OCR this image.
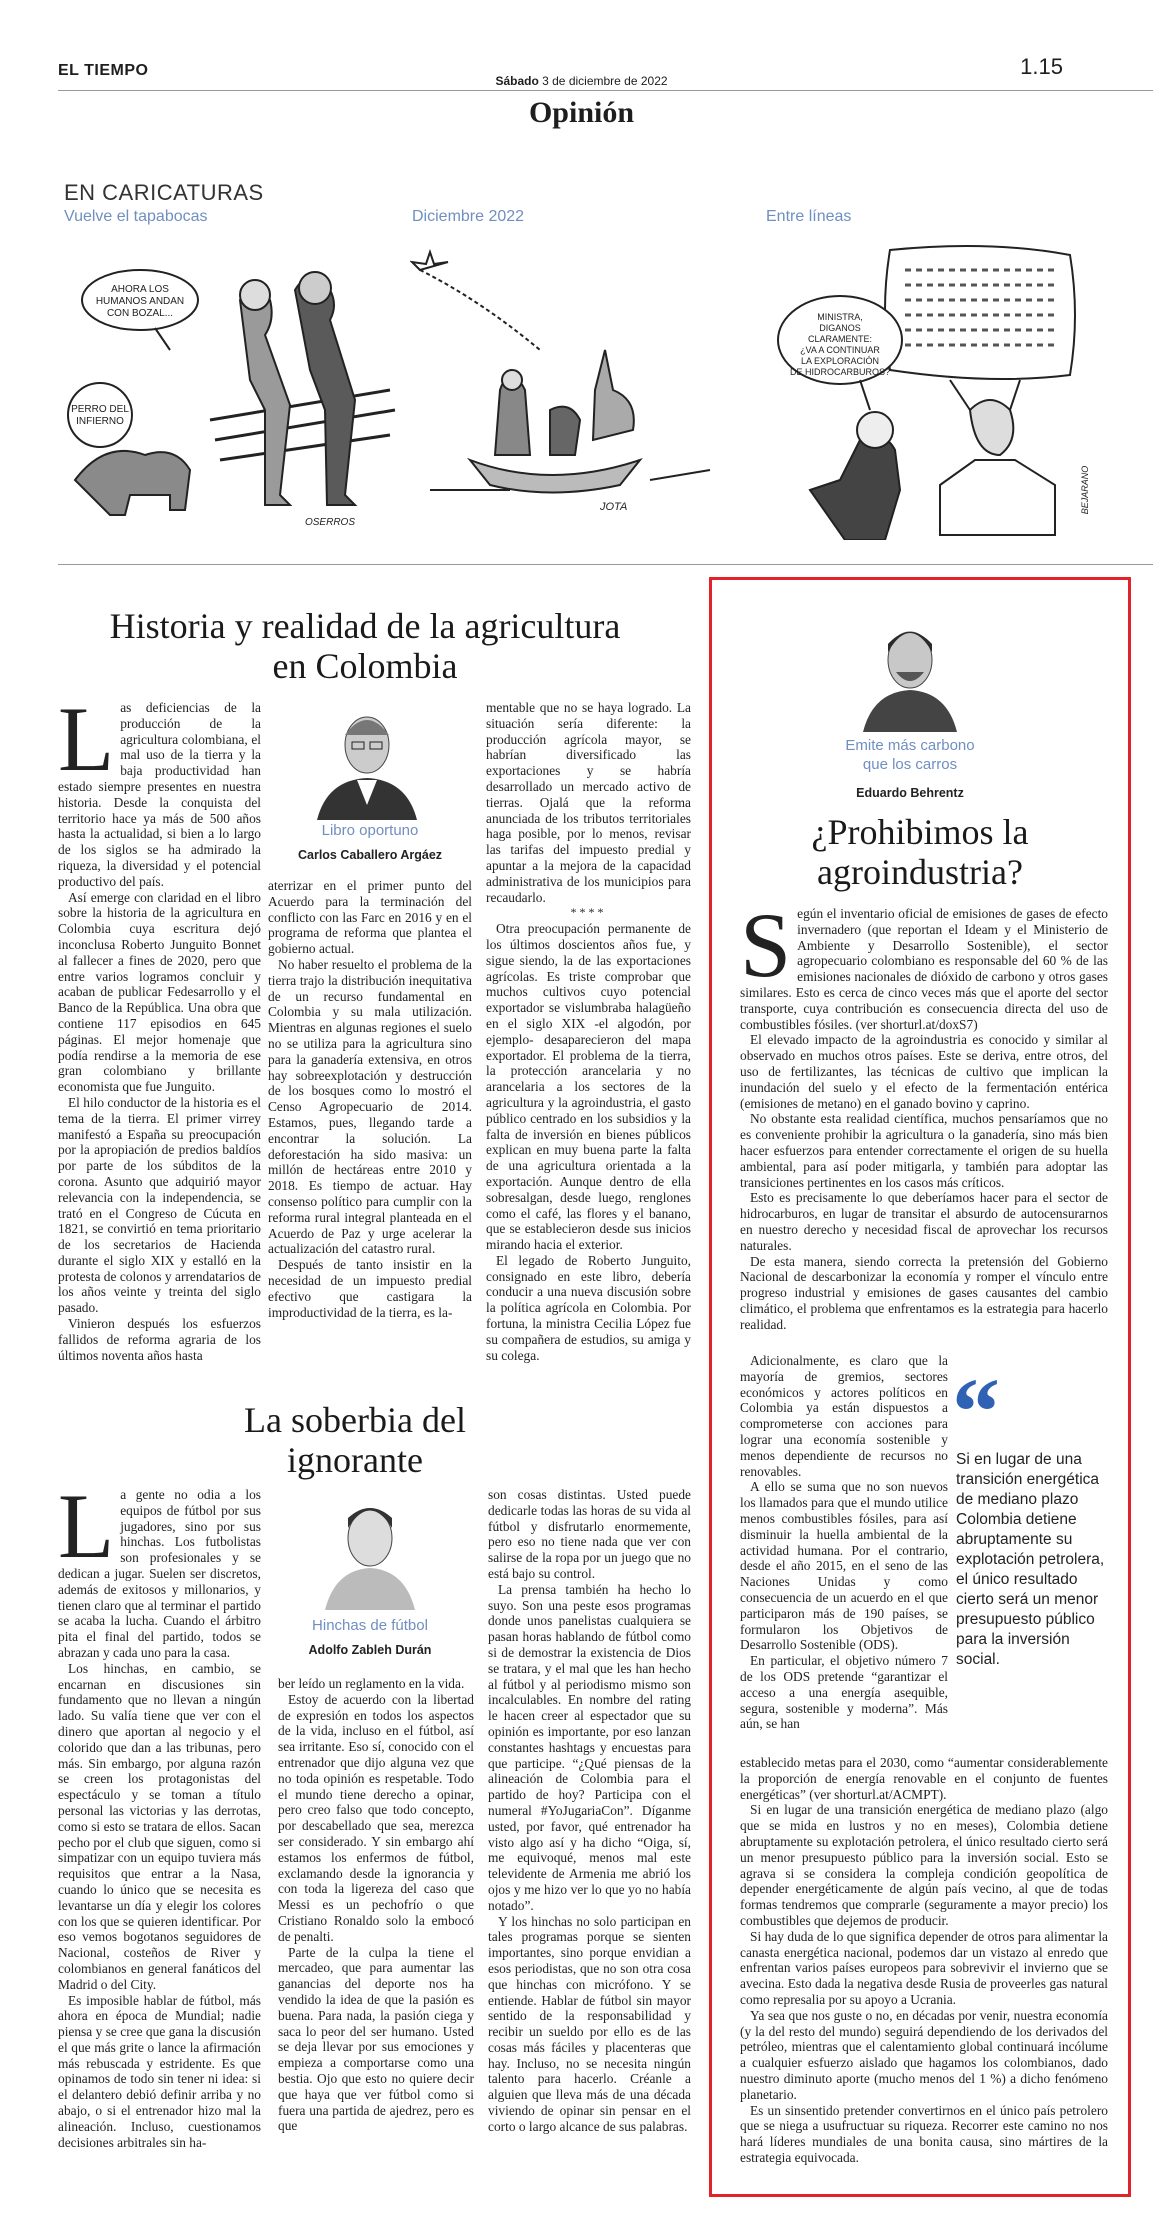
EL TIEMPO
Sábado 3 de diciembre de 2022
1.15
Opinión
EN CARICATURAS
Vuelve el tapabocas	Diciembre 2022	Entre líneas
AHORA LOS
HUMANOS ANDAN
CON BOZAL...
PERRO DEL
INFIERNO
OSERROS
JOTA
MINISTRA,
DIGANOS
CLARAMENTE:
¿VA A CONTINUAR
LA EXPLORACIÓN
DE HIDROCARBUROS?
BEJARANO
Historia y realidad de la agricultura en Colombia

Las deficiencias de la producción de la agricultura colombiana, el mal uso de la tierra y la baja productividad han estado siempre presentes en nuestra historia. Desde la conquista del territorio hace ya más de 500 años hasta la actualidad, si bien a lo largo de los siglos se ha admirado la riqueza, la diversidad y el potencial productivo del país.

Así emerge con claridad en el libro sobre la historia de la agricultura en Colombia cuya escritura dejó inconclusa Roberto Junguito Bonnet al fallecer a fines de 2020, pero que entre varios logramos concluir y acaban de publicar Fedesarrollo y el Banco de la República. Una obra que contiene 117 episodios en 645 páginas. El mejor homenaje que podía rendirse a la memoria de ese gran colombiano y brillante economista que fue Junguito.

El hilo conductor de la historia es el tema de la tierra. El primer virrey manifestó a España su preocupación por la apropiación de predios baldíos por parte de los súbditos de la corona. Asunto que adquirió mayor relevancia con la independencia, se trató en el Congreso de Cúcuta en 1821, se convirtió en tema prioritario de los secretarios de Hacienda durante el siglo XIX y estalló en la protesta de colonos y arrendatarios de los años veinte y treinta del siglo pasado.

Vinieron después los esfuerzos fallidos de reforma agraria de los últimos noventa años hasta

Libro oportuno
Carlos Caballero Argáez

aterrizar en el primer punto del Acuerdo para la terminación del conflicto con las Farc en 2016 y en el programa de reforma que plantea el gobierno actual.

No haber resuelto el problema de la tierra trajo la distribución inequitativa de un recurso fundamental en Colombia y su mala utilización. Mientras en algunas regiones el suelo no se utiliza para la agricultura sino para la ganadería extensiva, en otros hay sobreexplotación y destrucción de los bosques como lo mostró el Censo Agropecuario de 2014. Estamos, pues, llegando tarde a encontrar la solución. La deforestación ha sido masiva: un millón de hectáreas entre 2010 y 2018. Es tiempo de actuar. Hay consenso político para cumplir con la reforma rural integral planteada en el Acuerdo de Paz y urge acelerar la actualización del catastro rural.

Después de tanto insistir en la necesidad de un impuesto predial efectivo que castigara la improductividad de la tierra, es la-

mentable que no se haya logrado. La situación sería diferente: la producción agrícola mayor, se habrían diversificado las exportaciones y se habría desarrollado un mercado activo de tierras. Ojalá que la reforma anunciada de los tributos territoriales haga posible, por lo menos, revisar las tarifas del impuesto predial y apuntar a la mejora de la capacidad administrativa de los municipios para recaudarlo.

****

Otra preocupación permanente de los últimos doscientos años fue, y sigue siendo, la de las exportaciones agrícolas. Es triste comprobar que muchos cultivos cuyo potencial exportador se vislumbraba halagüeño en el siglo XIX -el algodón, por ejemplo- desaparecieron del mapa exportador. El problema de la tierra, la protección arancelaria y no arancelaria a los sectores de la agricultura y la agroindustria, el gasto público centrado en los subsidios y la falta de inversión en bienes públicos explican en muy buena parte la falta de una agricultura orientada a la exportación. Aunque dentro de ella sobresalgan, desde luego, renglones como el café, las flores y el banano, que se establecieron desde sus inicios mirando hacia el exterior.

El legado de Roberto Junguito, consignado en este libro, debería conducir a una nueva discusión sobre la política agrícola en Colombia. Por fortuna, la ministra Cecilia López fue su compañera de estudios, su amiga y su colega.

La soberbia del ignorante

La gente no odia a los equipos de fútbol por sus jugadores, sino por sus hinchas. Los futbolistas son profesionales y se dedican a jugar. Suelen ser discretos, además de exitosos y millonarios, y tienen claro que al terminar el partido se acaba la lucha. Cuando el árbitro pita el final del partido, todos se abrazan y cada uno para la casa.

Los hinchas, en cambio, se encarnan en discusiones sin fundamento que no llevan a ningún lado. Su valía tiene que ver con el dinero que aportan al negocio y el colorido que dan a las tribunas, pero más. Sin embargo, por alguna razón se creen los protagonistas del espectáculo y se toman a título personal las victorias y las derrotas, como si esto se tratara de ellos. Sacan pecho por el club que siguen, como si simpatizar con un equipo tuviera más requisitos que entrar a la Nasa, cuando lo único que se necesita es levantarse un día y elegir los colores con los que se quieren identificar. Por eso vemos bogotanos seguidores de Nacional, costeños de River y colombianos en general fanáticos del Madrid o del City.

Es imposible hablar de fútbol, más ahora en época de Mundial; nadie piensa y se cree que gana la discusión el que más grite o lance la afirmación más rebuscada y estridente. Es que opinamos de todo sin tener ni idea: si el delantero debió definir arriba y no abajo, o si el entrenador hizo mal la alineación. Incluso, cuestionamos decisiones arbitrales sin ha-

Hinchas de fútbol
Adolfo Zableh Durán

ber leído un reglamento en la vida.

Estoy de acuerdo con la libertad de expresión en todos los aspectos de la vida, incluso en el fútbol, así sea irritante. Eso sí, conocido con el entrenador que dijo alguna vez que no toda opinión es respetable. Todo el mundo tiene derecho a opinar, pero creo falso que todo concepto, por descabellado que sea, merezca ser considerado. Y sin embargo ahí estamos los enfermos de fútbol, exclamando desde la ignorancia y con toda la ligereza del caso que Messi es un pechofrío o que Cristiano Ronaldo solo la embocó de penalti.

Parte de la culpa la tiene el mercadeo, que para aumentar las ganancias del deporte nos ha vendido la idea de que la pasión es buena. Para nada, la pasión ciega y saca lo peor del ser humano. Usted se deja llevar por sus emociones y empieza a comportarse como una bestia. Ojo que esto no quiere decir que haya que ver fútbol como si fuera una partida de ajedrez, pero es que

son cosas distintas. Usted puede dedicarle todas las horas de su vida al fútbol y disfrutarlo enormemente, pero eso no tiene nada que ver con salirse de la ropa por un juego que no está bajo su control.

La prensa también ha hecho lo suyo. Son una peste esos programas donde unos panelistas cualquiera se pasan horas hablando de fútbol como si de demostrar la existencia de Dios se tratara, y el mal que les han hecho al fútbol y al periodismo mismo son incalculables. En nombre del rating le hacen creer al espectador que su opinión es importante, por eso lanzan constantes hashtags y encuestas para que participe. “¿Qué piensas de la alineación de Colombia para el partido de hoy? Participa con el numeral #YoJugariaCon”. Díganme usted, por favor, qué entrenador ha visto algo así y ha dicho “Oiga, sí, me equivoqué, menos mal este televidente de Armenia me abrió los ojos y me hizo ver lo que yo no había notado”.

Y los hinchas no solo participan en tales programas porque se sienten importantes, sino porque envidian a esos periodistas, que no son otra cosa que hinchas con micrófono. Y se entiende. Hablar de fútbol sin mayor sentido de la responsabilidad y recibir un sueldo por ello es de las cosas más fáciles y placenteras que hay. Incluso, no se necesita ningún talento para hacerlo. Créanle a alguien que lleva más de una década viviendo de opinar sin pensar en el corto o largo alcance de sus palabras.

Emite más carbono
que los carros
Eduardo Behrentz
¿Prohibimos la
agroindustria?

Según el inventario oficial de emisiones de gases de efecto invernadero (que reportan el Ideam y el Ministerio de Ambiente y Desarrollo Sostenible), el sector agropecuario colombiano es responsable del 60 % de las emisiones nacionales de dióxido de carbono y otros gases similares. Esto es cerca de cinco veces más que el aporte del sector transporte, cuya contribución es consecuencia directa del uso de combustibles fósiles. (ver shorturl.at/doxS7)

El elevado impacto de la agroindustria es conocido y similar al observado en muchos otros países. Este se deriva, entre otros, del uso de fertilizantes, las técnicas de cultivo que implican la inundación del suelo y el efecto de la fermentación entérica (emisiones de metano) en el ganado bovino y caprino.

No obstante esta realidad científica, muchos pensaríamos que no es conveniente prohibir la agricultura o la ganadería, sino más bien hacer esfuerzos para entender correctamente el origen de su huella ambiental, para así poder mitigarla, y también para adoptar las transiciones pertinentes en los casos más críticos.

Esto es precisamente lo que deberíamos hacer para el sector de hidrocarburos, en lugar de transitar el absurdo de autocensurarnos en nuestro derecho y necesidad fiscal de aprovechar los recursos naturales.

De esta manera, siendo correcta la pretensión del Gobierno Nacional de descarbonizar la economía y romper el vínculo entre progreso industrial y emisiones de gases causantes del cambio climático, el problema que enfrentamos es la estrategia para hacerlo realidad.

Adicionalmente, es claro que la mayoría de gremios, sectores económicos y actores políticos en Colombia ya están dispuestos a comprometerse con acciones para lograr una economía sostenible y menos dependiente de recursos no renovables.

A ello se suma que no son nuevos los llamados para que el mundo utilice menos combustibles fósiles, para así disminuir la huella ambiental de la actividad humana. Por el contrario, desde el año 2015, en el seno de las Naciones Unidas y como consecuencia de un acuerdo en el que participaron más de 190 países, se formularon los Objetivos de Desarrollo Sostenible (ODS).

En particular, el objetivo número 7 de los ODS pretende “garantizar el acceso a una energía asequible, segura, sostenible y moderna”. Más aún, se han

“
Si en lugar de una transición energética de mediano plazo Colombia detiene abruptamente su explotación petrolera, el único resultado cierto será un menor presupuesto público para la inversión social.

establecido metas para el 2030, como “aumentar considerablemente la proporción de energía renovable en el conjunto de fuentes energéticas” (ver shorturl.at/ACMPT).

Si en lugar de una transición energética de mediano plazo (algo que se mida en lustros y no en meses), Colombia detiene abruptamente su explotación petrolera, el único resultado cierto será un menor presupuesto público para la inversión social. Esto se agrava si se considera la compleja condición geopolítica de depender energéticamente de algún país vecino, al que de todas formas tendremos que comprarle (seguramente a mayor precio) los combustibles que dejemos de producir.

Si hay duda de lo que significa depender de otros para alimentar la canasta energética nacional, podemos dar un vistazo al enredo que enfrentan varios países europeos para sobrevivir el invierno que se avecina. Esto dada la negativa desde Rusia de proveerles gas natural como represalia por su apoyo a Ucrania.

Ya sea que nos guste o no, en décadas por venir, nuestra economía (y la del resto del mundo) seguirá dependiendo de los derivados del petróleo, mientras que el calentamiento global continuará incólume a cualquier esfuerzo aislado que hagamos los colombianos, dado nuestro diminuto aporte (mucho menos del 1 %) a dicho fenómeno planetario.

Es un sinsentido pretender convertirnos en el único país petrolero que se niega a usufructuar su riqueza. Recorrer este camino no nos hará líderes mundiales de una bonita causa, sino mártires de la estrategia equivocada.
